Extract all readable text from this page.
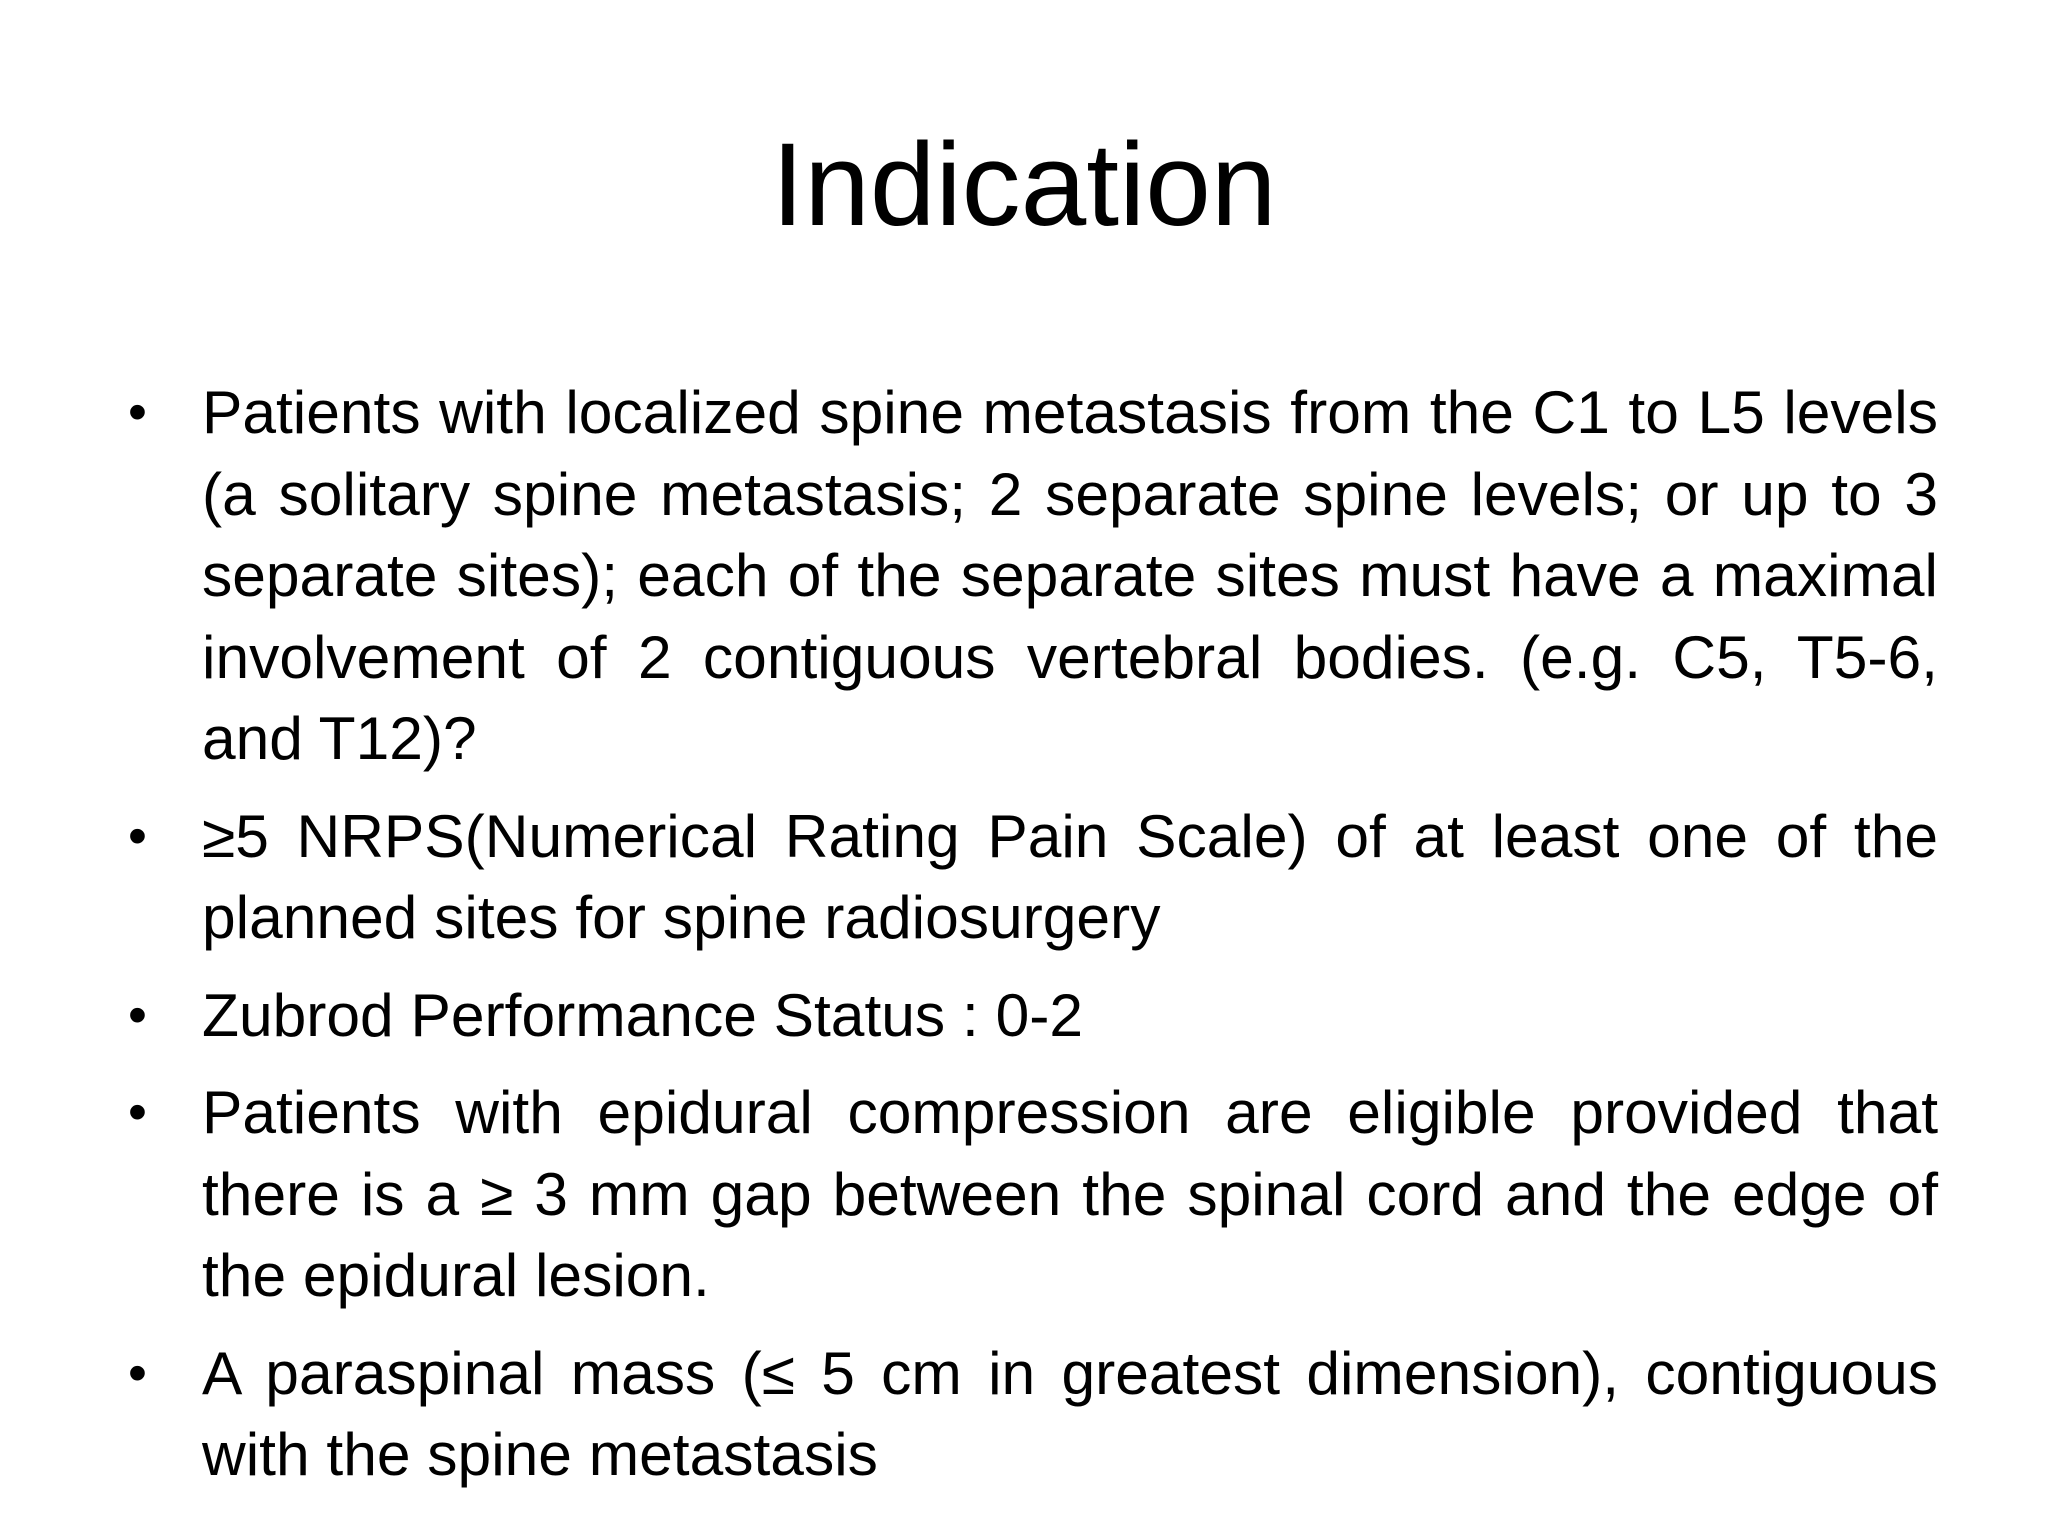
Indication
• Patients with localized spine metastasis from the C1 to L5 levels (a solitary spine metastasis; 2 separate spine levels; or up to 3 separate sites); each of the separate sites must have a maximal involvement of 2 contiguous vertebral bodies. (e.g. C5, T5-6, and T12)?
• ≥5 NRPS(Numerical Rating Pain Scale) of at least one of the planned sites for spine radiosurgery
• Zubrod Performance Status : 0-2
• Patients with epidural compression are eligible provided that there is a ≥ 3 mm gap between the spinal cord and the edge of the epidural lesion.
• A paraspinal mass (≤ 5 cm in greatest dimension), contiguous with the spine metastasis
